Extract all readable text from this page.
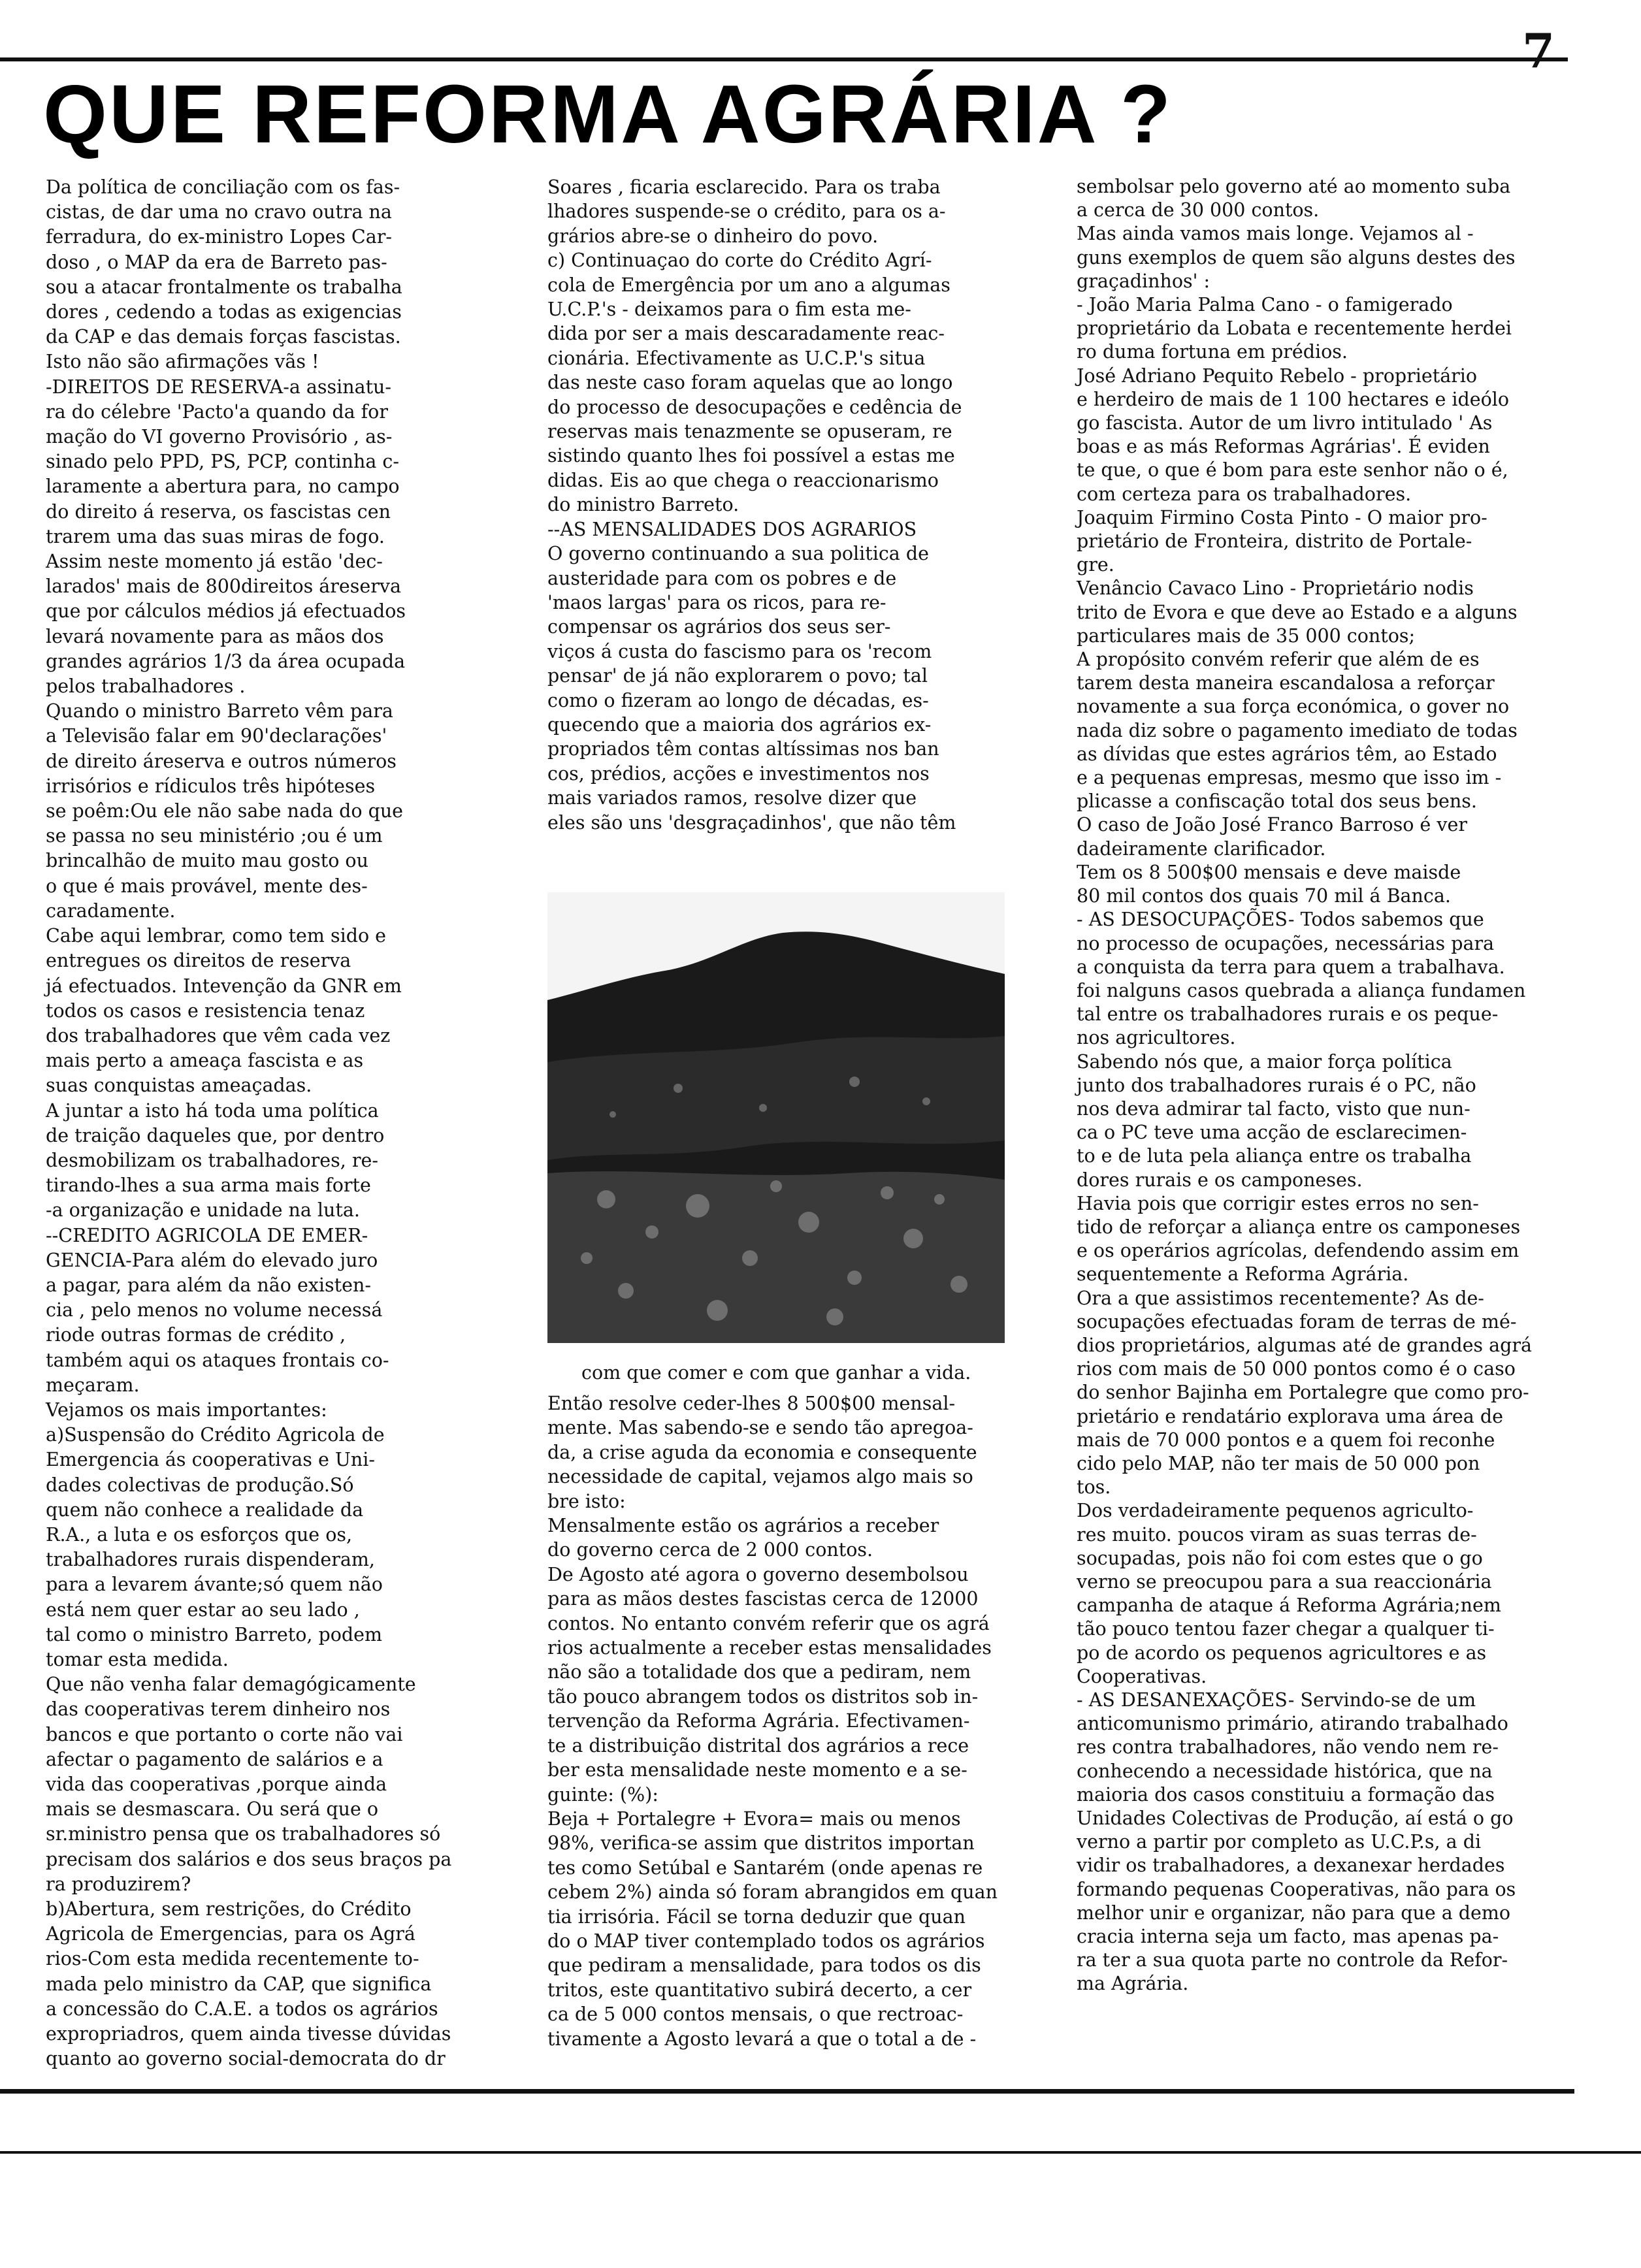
7
QUE REFORMA AGRÁRIA ?

Da política de conciliação com os fas-

cistas, de dar uma no cravo outra na

ferradura, do ex-ministro Lopes Car-

doso , o MAP da era de Barreto pas-

sou a atacar frontalmente os trabalha

dores , cedendo a todas as exigencias

da CAP e das demais forças fascistas.

Isto não são afirmações vãs !

-DIREITOS DE RESERVA-a assinatu-

ra do célebre 'Pacto'a quando da for

mação do VI governo Provisório , as-

sinado pelo PPD, PS, PCP, continha c-

laramente a abertura para, no campo

do direito á reserva, os fascistas cen

trarem uma das suas miras de fogo.

Assim neste momento já estão 'dec-

larados' mais de 800direitos áreserva

que por cálculos médios já efectuados

levará novamente para as mãos dos

grandes agrários 1/3 da área ocupada

pelos trabalhadores .

Quando o ministro Barreto vêm para

a Televisão falar em 90'declarações'

de direito áreserva e outros números

irrisórios e rídiculos três hipóteses

se poêm:Ou ele não sabe nada do que

se passa no seu ministério ;ou é um

brincalhão de muito mau gosto ou

o que é mais provável, mente des-

caradamente.

Cabe aqui lembrar, como tem sido e

entregues os direitos de reserva

já efectuados. Intevenção da GNR em

todos os casos e resistencia tenaz

dos trabalhadores que vêm cada vez

mais perto a ameaça fascista e as

suas conquistas ameaçadas.

A juntar a isto há toda uma política

de traição daqueles que, por dentro

desmobilizam os trabalhadores, re-

tirando-lhes a sua arma mais forte

-a organização e unidade na luta.

--CREDITO AGRICOLA DE EMER-

GENCIA-Para além do elevado juro

a pagar, para além da não existen-

cia , pelo menos no volume necessá

riode outras formas de crédito ,

também aqui os ataques frontais co-

meçaram.

Vejamos os mais importantes:

a)Suspensão do Crédito Agricola de

Emergencia ás cooperativas e Uni-

dades colectivas de produção.Só

quem não conhece a realidade da

R.A., a luta e os esforços que os,

trabalhadores rurais dispenderam,

para a levarem ávante;só quem não

está nem quer estar ao seu lado ,

tal como o ministro Barreto, podem

tomar esta medida.

Que não venha falar demagógicamente

das cooperativas terem dinheiro nos

bancos e que portanto o corte não vai

afectar o pagamento de salários e a

vida das cooperativas ,porque ainda

mais se desmascara. Ou será que o

sr.ministro pensa que os trabalhadores só

precisam dos salários e dos seus braços pa

ra produzirem?

b)Abertura, sem restrições, do Crédito

Agricola de Emergencias, para os Agrá

rios-Com esta medida recentemente to-

mada pelo ministro da CAP, que significa

a concessão do C.A.E. a todos os agrários

expropriadros, quem ainda tivesse dúvidas

quanto ao governo social-democrata do dr

Soares , ficaria esclarecido. Para os traba

lhadores suspende-se o crédito, para os a-

grários abre-se o dinheiro do povo.

c) Continuaçao do corte do Crédito Agrí-

cola de Emergência por um ano a algumas

U.C.P.'s - deixamos para o fim esta me-

dida por ser a mais descaradamente reac-

cionária. Efectivamente as U.C.P.'s situa

das neste caso foram aquelas que ao longo

do processo de desocupações e cedência de

reservas mais tenazmente se opuseram, re

sistindo quanto lhes foi possível a estas me

didas. Eis ao que chega o reaccionarismo

do ministro Barreto.

--AS MENSALIDADES DOS AGRARIOS

O governo continuando a sua politica de

austeridade para com os pobres e de

'maos largas' para os ricos, para re-

compensar os agrários dos seus ser-

viços á custa do fascismo para os 'recom

pensar' de já não explorarem o povo; tal

como o fizeram ao longo de décadas, es-

quecendo que a maioria dos agrários ex-

propriados têm contas altíssimas nos ban

cos, prédios, acções e investimentos nos

mais variados ramos, resolve dizer que

eles são uns 'desgraçadinhos', que não têm

com que comer e com que ganhar a vida.

Então resolve ceder-lhes 8 500$00 mensal-

mente. Mas sabendo-se e sendo tão apregoa-

da, a crise aguda da economia e consequente

necessidade de capital, vejamos algo mais so

bre isto:

Mensalmente estão os agrários a receber

do governo cerca de 2 000 contos.

De Agosto até agora o governo desembolsou

para as mãos destes fascistas cerca de 12000

contos. No entanto convém referir que os agrá

rios actualmente a receber estas mensalidades

não são a totalidade dos que a pediram, nem

tão pouco abrangem todos os distritos sob in-

tervenção da Reforma Agrária. Efectivamen-

te a distribuição distrital dos agrários a rece

ber esta mensalidade neste momento e a se-

guinte: (%):

Beja + Portalegre + Evora= mais ou menos

98%, verifica-se assim que distritos importan

tes como Setúbal e Santarém (onde apenas re

cebem 2%) ainda só foram abrangidos em quan

tia irrisória. Fácil se torna deduzir que quan

do o MAP tiver contemplado todos os agrários

que pediram a mensalidade, para todos os dis

tritos, este quantitativo subirá decerto, a cer

ca de 5 000 contos mensais, o que rectroac-

tivamente a Agosto levará a que o total a de -

sembolsar pelo governo até ao momento suba

a cerca de 30 000 contos.

Mas ainda vamos mais longe. Vejamos al -

guns exemplos de quem são alguns destes des

graçadinhos' :

- João Maria Palma Cano - o famigerado

proprietário da Lobata e recentemente herdei

ro duma fortuna em prédios.

José Adriano Pequito Rebelo - proprietário

e herdeiro de mais de 1 100 hectares e ideólo

go fascista. Autor de um livro intitulado ' As

boas e as más Reformas Agrárias'. É eviden

te que, o que é bom para este senhor não o é,

com certeza para os trabalhadores.

Joaquim Firmino Costa Pinto - O maior pro-

prietário de Fronteira, distrito de Portale-

gre.

Venâncio Cavaco Lino - Proprietário nodis

trito de Evora e que deve ao Estado e a alguns

particulares mais de 35 000 contos;

A propósito convém referir que além de es

tarem desta maneira escandalosa a reforçar

novamente a sua força económica, o gover no

nada diz sobre o pagamento imediato de todas

as dívidas que estes agrários têm, ao Estado

e a pequenas empresas, mesmo que isso im -

plicasse a confiscação total dos seus bens.

O caso de João José Franco Barroso é ver

dadeiramente clarificador.

Tem os 8 500$00 mensais e deve maisde

80 mil contos dos quais 70 mil á Banca.

- AS DESOCUPAÇÕES- Todos sabemos que

no processo de ocupações, necessárias para

a conquista da terra para quem a trabalhava.

foi nalguns casos quebrada a aliança fundamen

tal entre os trabalhadores rurais e os peque-

nos agricultores.

Sabendo nós que, a maior força política

junto dos trabalhadores rurais é o PC, não

nos deva admirar tal facto, visto que nun-

ca o PC teve uma acção de esclarecimen-

to e de luta pela aliança entre os trabalha

dores rurais e os camponeses.

Havia pois que corrigir estes erros no sen-

tido de reforçar a aliança entre os camponeses

e os operários agrícolas, defendendo assim em

sequentemente a Reforma Agrária.

Ora a que assistimos recentemente? As de-

socupações efectuadas foram de terras de mé-

dios proprietários, algumas até de grandes agrá

rios com mais de 50 000 pontos como é o caso

do senhor Bajinha em Portalegre que como pro-

prietário e rendatário explorava uma área de

mais de 70 000 pontos e a quem foi reconhe

cido pelo MAP, não ter mais de 50 000 pon

tos.

Dos verdadeiramente pequenos agriculto-

res muito. poucos viram as suas terras de-

socupadas, pois não foi com estes que o go

verno se preocupou para a sua reaccionária

campanha de ataque á Reforma Agrária;nem

tão pouco tentou fazer chegar a qualquer ti-

po de acordo os pequenos agricultores e as

Cooperativas.

- AS DESANEXAÇÕES- Servindo-se de um

anticomunismo primário, atirando trabalhado

res contra trabalhadores, não vendo nem re-

conhecendo a necessidade histórica, que na

maioria dos casos constituiu a formação das

Unidades Colectivas de Produção, aí está o go

verno a partir por completo as U.C.P.s, a di

vidir os trabalhadores, a dexanexar herdades

formando pequenas Cooperativas, não para os

melhor unir e organizar, não para que a demo

cracia interna seja um facto, mas apenas pa-

ra ter a sua quota parte no controle da Refor-

ma Agrária.
